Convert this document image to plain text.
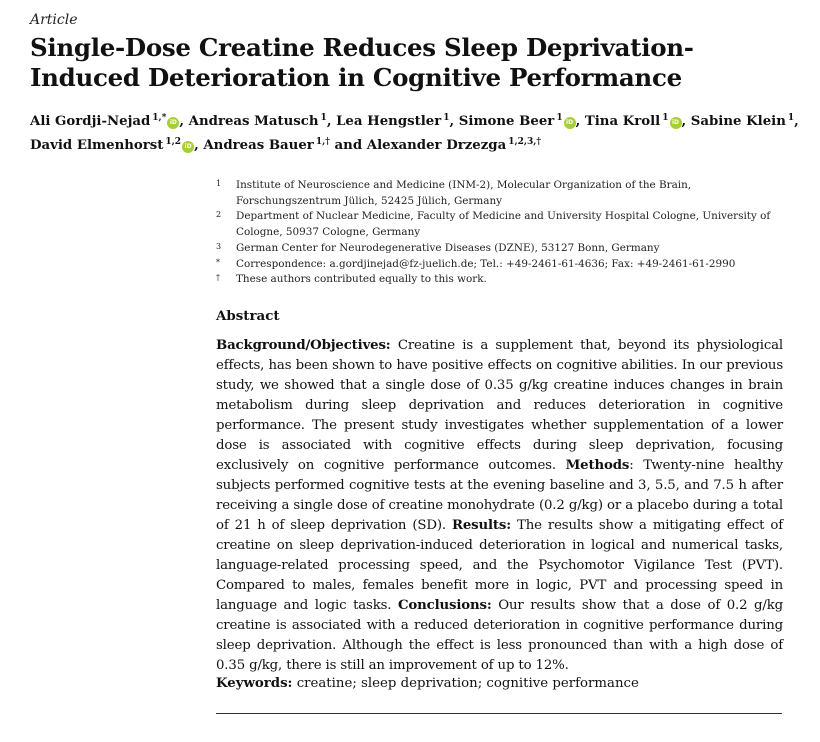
Article
Single-Dose Creatine Reduces Sleep Deprivation-Induced Deterioration in Cognitive Performance
Ali Gordji-Nejad $^{1,*}$ iD , Andreas Matusch $^1$, Lea Hengstler $^1$, Simone Beer $^1$ iD , Tina Kroll $^1$ iD , Sabine Klein $^1$,
David Elmenhorst $^{1,2}$ iD , Andreas Bauer $^{1,\dagger}$ and Alexander Drzezga $^{1,2,3,\dagger}$
1	Institute of Neuroscience and Medicine (INM-2), Molecular Organization of the Brain, Forschungszentrum Jülich, 52425 Jülich, Germany
2	Department of Nuclear Medicine, Faculty of Medicine and University Hospital Cologne, University of Cologne, 50937 Cologne, Germany
3	German Center for Neurodegenerative Diseases (DZNE), 53127 Bonn, Germany
*	Correspondence: a.gordjinejad@fz-juelich.de; Tel.: +49-2461-61-4636; Fax: +49-2461-61-2990
†	These authors contributed equally to this work.
Abstract
Background/Objectives: Creatine is a supplement that, beyond its physiological effects, has been shown to have positive effects on cognitive abilities. In our previous study, we showed that a single dose of 0.35 g/kg creatine induces changes in brain metabolism during sleep deprivation and reduces deterioration in cognitive performance. The present study investigates whether supplementation of a lower dose is associated with cognitive effects during sleep deprivation, focusing exclusively on cognitive performance outcomes. Methods: Twenty-nine healthy subjects performed cognitive tests at the evening baseline and 3, 5.5, and 7.5 h after receiving a single dose of creatine monohydrate (0.2 g/kg) or a placebo during a total of 21 h of sleep deprivation (SD). Results: The results show a mitigating effect of creatine on sleep deprivation-induced deterioration in logical and numerical tasks, language-related processing speed, and the Psychomotor Vigilance Test (PVT). Compared to males, females benefit more in logic, PVT and processing speed in language and logic tasks. Conclusions: Our results show that a dose of 0.2 g/kg creatine is associated with a reduced deterioration in cognitive performance during sleep deprivation. Although the effect is less pronounced than with a high dose of 0.35 g/kg, there is still an improvement of up to 12%.
Keywords: creatine; sleep deprivation; cognitive performance
